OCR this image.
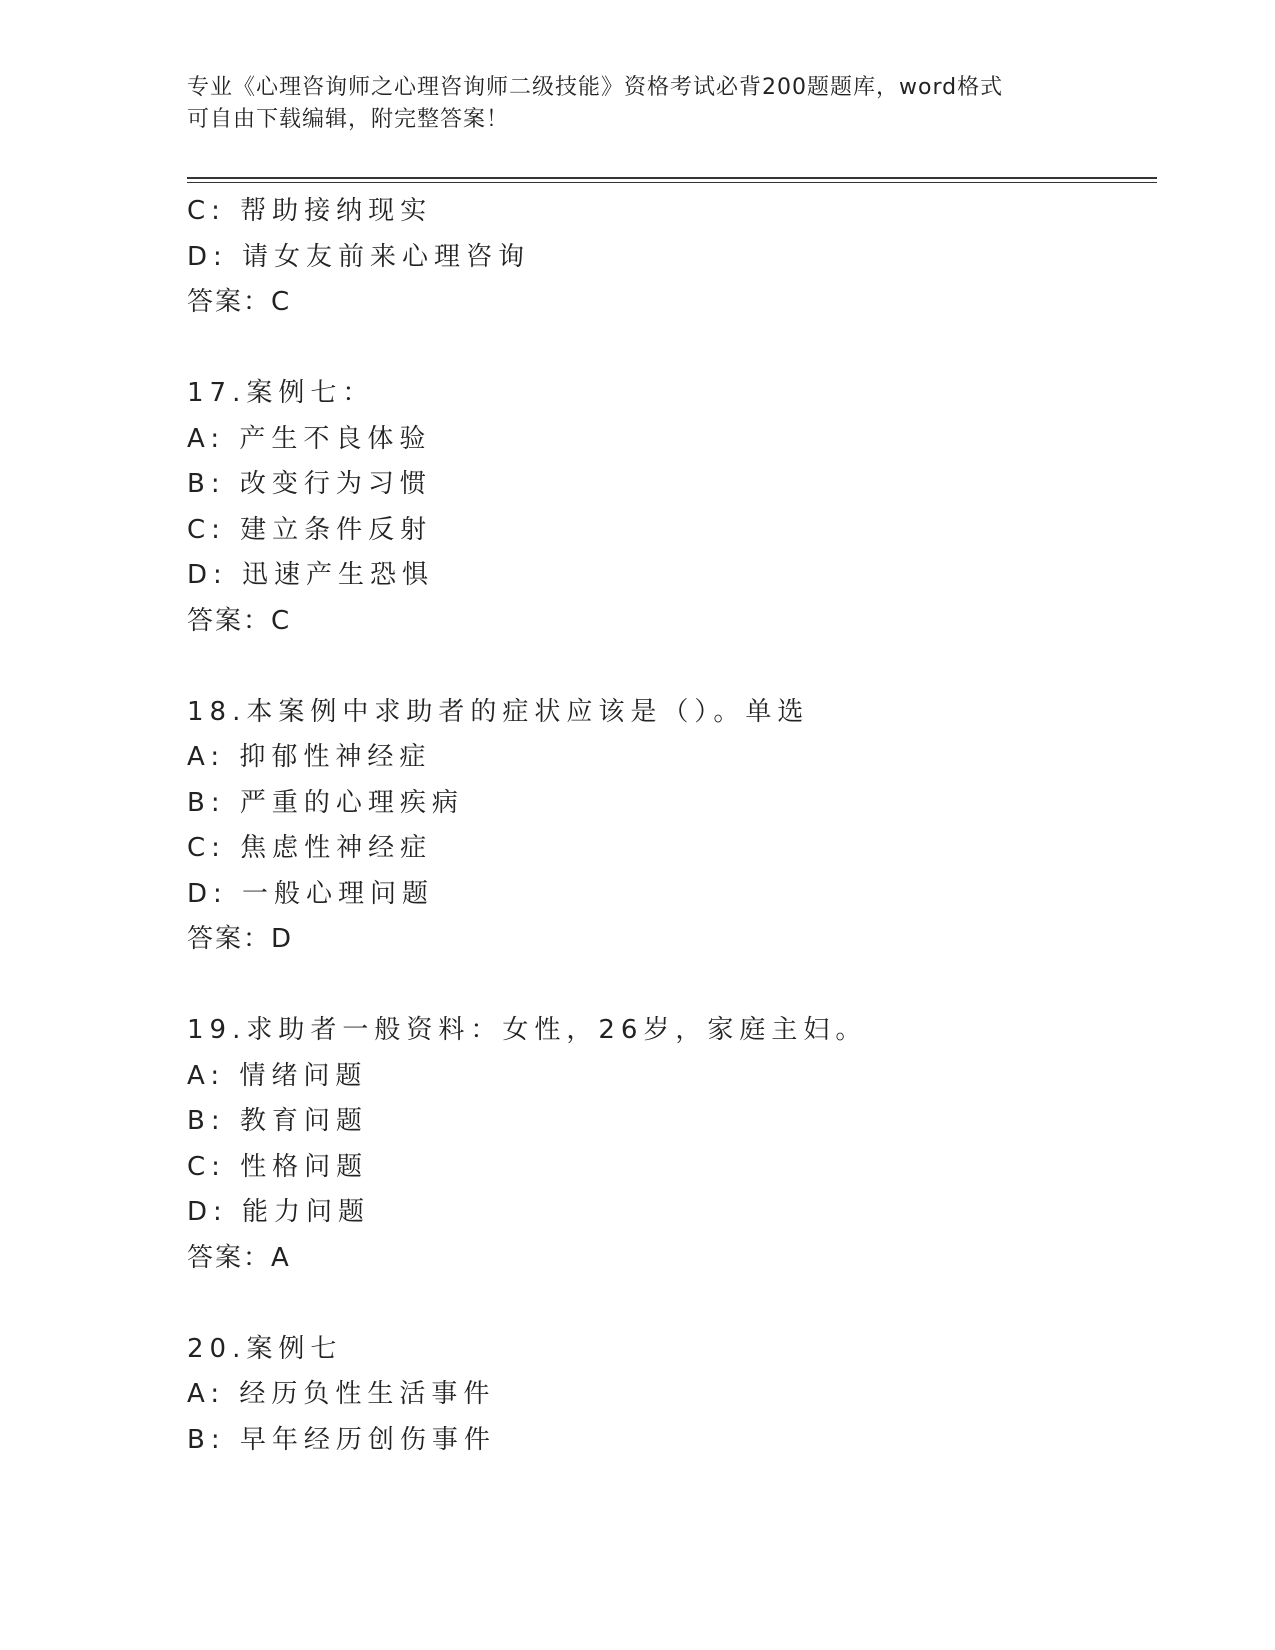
专业《心理咨询师之心理咨询师二级技能》资格考试必背200题题库，word格式
可自由下载编辑，附完整答案！
C: 帮助接纳现实
D: 请女友前来心理咨询
答案：C
17.案例七：
A: 产生不良体验
B: 改变行为习惯
C: 建立条件反射
D: 迅速产生恐惧
答案：C
18.本案例中求助者的症状应该是（）。单选
A: 抑郁性神经症
B: 严重的心理疾病
C: 焦虑性神经症
D: 一般心理问题
答案：D
19.求助者一般资料：女性，26岁，家庭主妇。
A: 情绪问题
B: 教育问题
C: 性格问题
D: 能力问题
答案：A
20.案例七
A: 经历负性生活事件
B: 早年经历创伤事件
